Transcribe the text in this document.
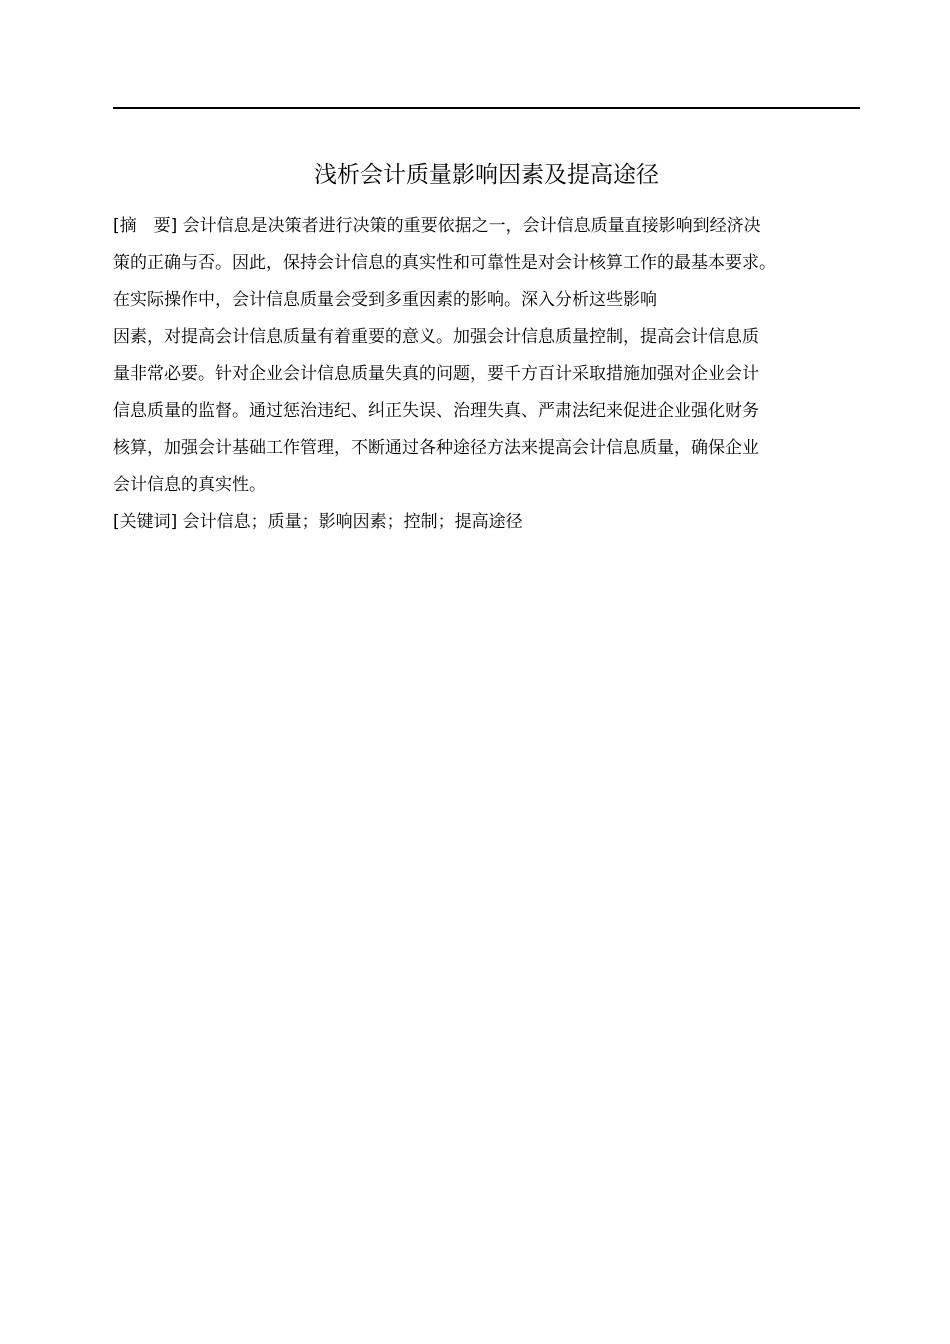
浅析会计质量影响因素及提高途径
[摘　要] 会计信息是决策者进行决策的重要依据之一，会计信息质量直接影响到经济决
策的正确与否。因此，保持会计信息的真实性和可靠性是对会计核算工作的最基本要求。
在实际操作中，会计信息质量会受到多重因素的影响。深入分析这些影响
因素，对提高会计信息质量有着重要的意义。加强会计信息质量控制，提高会计信息质
量非常必要。针对企业会计信息质量失真的问题，要千方百计采取措施加强对企业会计
信息质量的监督。通过惩治违纪、纠正失误、治理失真、严肃法纪来促进企业强化财务
核算，加强会计基础工作管理，不断通过各种途径方法来提高会计信息质量，确保企业
会计信息的真实性。
[关键词] 会计信息；质量；影响因素；控制；提高途径
